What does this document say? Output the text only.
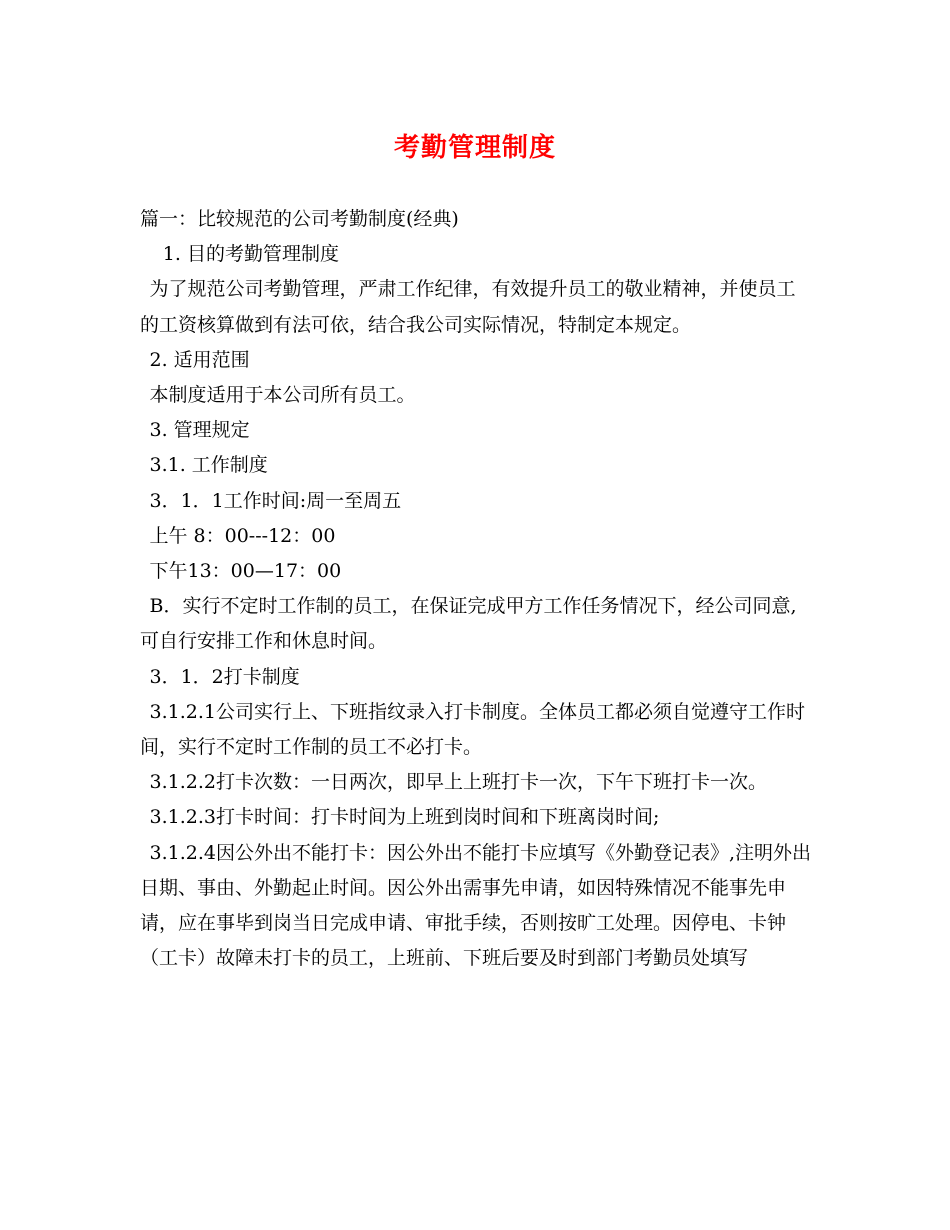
考勤管理制度

篇一：比较规范的公司考勤制度(经典)

1. 目的考勤管理制度

为了规范公司考勤管理，严肃工作纪律，有效提升员工的敬业精神，并使员工的工资核算做到有法可依，结合我公司实际情况，特制定本规定。

2. 适用范围

本制度适用于本公司所有员工。

3. 管理规定

3.1. 工作制度

3．1．1工作时间:周一至周五

上午 8：00---12：00

下午13：00—17：00

B．实行不定时工作制的员工，在保证完成甲方工作任务情况下，经公司同意,可自行安排工作和休息时间。

3．1．2打卡制度

3.1.2.1公司实行上、下班指纹录入打卡制度。全体员工都必须自觉遵守工作时间，实行不定时工作制的员工不必打卡。

3.1.2.2打卡次数：一日两次，即早上上班打卡一次，下午下班打卡一次。

3.1.2.3打卡时间：打卡时间为上班到岗时间和下班离岗时间;

3.1.2.4因公外出不能打卡：因公外出不能打卡应填写《外勤登记表》,注明外出日期、事由、外勤起止时间。因公外出需事先申请，如因特殊情况不能事先申请，应在事毕到岗当日完成申请、审批手续，否则按旷工处理。因停电、卡钟（工卡）故障未打卡的员工，上班前、下班后要及时到部门考勤员处填写
